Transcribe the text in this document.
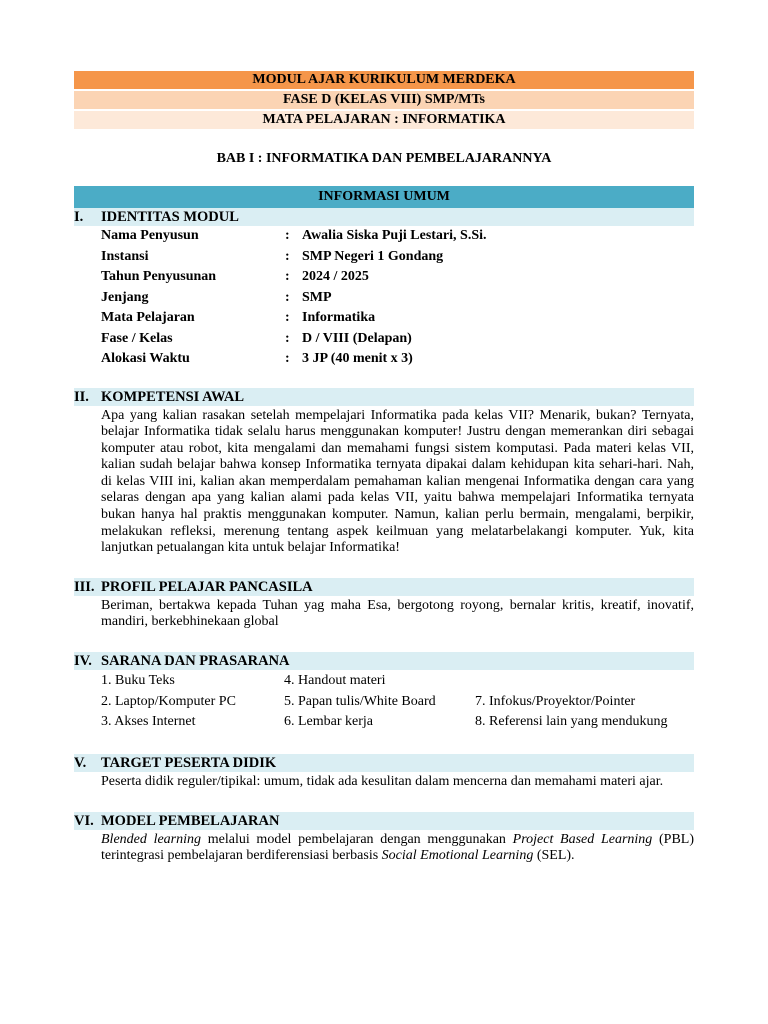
MODUL AJAR KURIKULUM MERDEKA
FASE D (KELAS VIII) SMP/MTs
MATA PELAJARAN : INFORMATIKA
BAB I : INFORMATIKA DAN PEMBELAJARANNYA
INFORMASI UMUM
I. IDENTITAS MODUL
Nama Penyusun	: Awalia Siska Puji Lestari, S.Si.
Instansi	: SMP Negeri 1 Gondang
Tahun Penyusunan	: 2024 / 2025
Jenjang	: SMP
Mata Pelajaran	: Informatika
Fase / Kelas	: D / VIII (Delapan)
Alokasi Waktu	: 3 JP (40 menit x 3)
II. KOMPETENSI AWAL

Apa yang kalian rasakan setelah mempelajari Informatika pada kelas VII? Menarik, bukan? Ternyata, belajar Informatika tidak selalu harus menggunakan komputer! Justru dengan memerankan diri sebagai komputer atau robot, kita mengalami dan memahami fungsi sistem komputasi. Pada materi kelas VII, kalian sudah belajar bahwa konsep Informatika ternyata dipakai dalam kehidupan kita sehari-hari. Nah, di kelas VIII ini, kalian akan memperdalam pemahaman kalian mengenai Informatika dengan cara yang selaras dengan apa yang kalian alami pada kelas VII, yaitu bahwa mempelajari Informatika ternyata bukan hanya hal praktis menggunakan komputer. Namun, kalian perlu bermain, mengalami, berpikir, melakukan refleksi, merenung tentang aspek keilmuan yang melatarbelakangi komputer. Yuk, kita lanjutkan petualangan kita untuk belajar Informatika!

III. PROFIL PELAJAR PANCASILA

Beriman, bertakwa kepada Tuhan yag maha Esa, bergotong royong, bernalar kritis, kreatif, inovatif, mandiri, berkebhinekaan global

IV. SARANA DAN PRASARANA
1. Buku Teks
2. Laptop/Komputer PC
3. Akses Internet
4. Handout materi
5. Papan tulis/White Board
6. Lembar kerja
7. Infokus/Proyektor/Pointer
8. Referensi lain yang mendukung
V. TARGET PESERTA DIDIK

Peserta didik reguler/tipikal: umum, tidak ada kesulitan dalam mencerna dan memahami materi ajar.

VI. MODEL PEMBELAJARAN

Blended learning melalui model pembelajaran dengan menggunakan Project Based Learning (PBL) terintegrasi pembelajaran berdiferensiasi berbasis Social Emotional Learning (SEL).
